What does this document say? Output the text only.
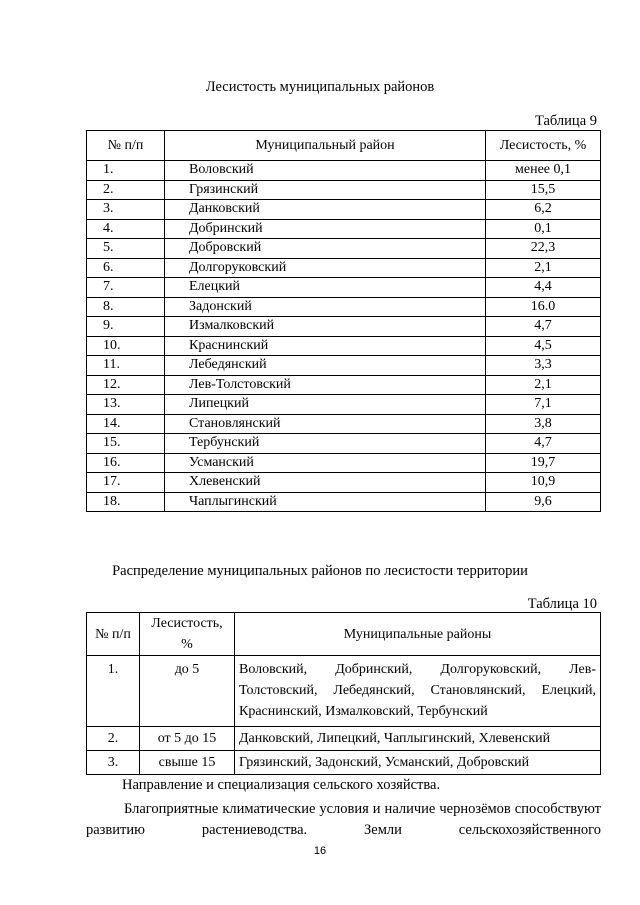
Лесистость муниципальных районов
Таблица 9
№ п/п	Муниципальный район	Лесистость, %
1.	Воловский	менее 0,1
2.	Грязинский	15,5
3.	Данковский	6,2
4.	Добринский	0,1
5.	Добровский	22,3
6.	Долгоруковский	2,1
7.	Елецкий	4,4
8.	Задонский	16.0
9.	Измалковский	4,7
10.	Краснинский	4,5
11.	Лебедянский	3,3
12.	Лев-Толстовский	2,1
13.	Липецкий	7,1
14.	Становлянский	3,8
15.	Тербунский	4,7
16.	Усманский	19,7
17.	Хлевенский	10,9
18.	Чаплыгинский	9,6
Распределение муниципальных районов по лесистости территории
Таблица 10
№ п/п	Лесистость, %	Муниципальные районы
1.	до 5	Воловский, Добринский, Долгоруковский, Лев-Толстовский, Лебедянский, Становлянский, Елецкий, Краснинский, Измалковский, Тербунский
2.	от 5 до 15	Данковский, Липецкий, Чаплыгинский, Хлевенский
3.	свыше 15	Грязинский, Задонский, Усманский, Добровский
Направление и специализация сельского хозяйства.
Благоприятные климатические условия и наличие чернозёмов способствуют развитию растениеводства. Земли сельскохозяйственного
16
